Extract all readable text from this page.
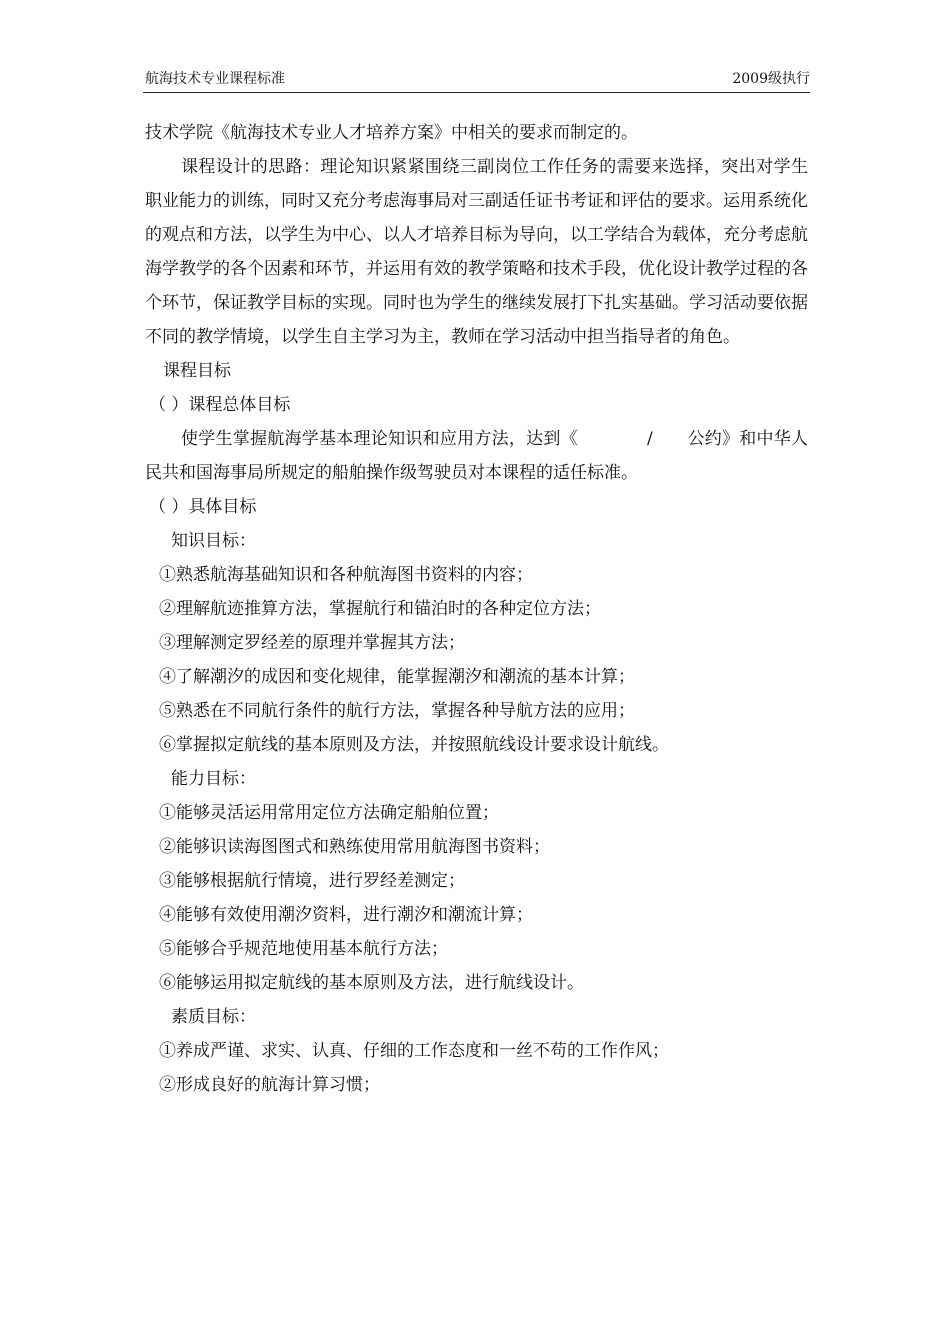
航海技术专业课程标准	2009级执行

技术学院《航海技术专业人才培养方案》中相关的要求而制定的。

课程设计的思路：理论知识紧紧围绕三副岗位工作任务的需要来选择，突出对学生职业能力的训练，同时又充分考虑海事局对三副适任证书考证和评估的要求。运用系统化的观点和方法，以学生为中心、以人才培养目标为导向，以工学结合为载体，充分考虑航海学教学的各个因素和环节，并运用有效的教学策略和技术手段，优化设计教学过程的各个环节，保证教学目标的实现。同时也为学生的继续发展打下扎实基础。学习活动要依据不同的教学情境，以学生自主学习为主，教师在学习活动中担当指导者的角色。

课程目标
（ ）课程总体目标

使学生掌握航海学基本理论知识和应用方法，达到《　　　　/　　公约》和中华人民共和国海事局所规定的船舶操作级驾驶员对本课程的适任标准。

（ ）具体目标
知识目标：
①熟悉航海基础知识和各种航海图书资料的内容；
②理解航迹推算方法，掌握航行和锚泊时的各种定位方法；
③理解测定罗经差的原理并掌握其方法；
④了解潮汐的成因和变化规律，能掌握潮汐和潮流的基本计算；
⑤熟悉在不同航行条件的航行方法，掌握各种导航方法的应用；
⑥掌握拟定航线的基本原则及方法，并按照航线设计要求设计航线。
能力目标：
①能够灵活运用常用定位方法确定船舶位置；
②能够识读海图图式和熟练使用常用航海图书资料；
③能够根据航行情境，进行罗经差测定；
④能够有效使用潮汐资料，进行潮汐和潮流计算；
⑤能够合乎规范地使用基本航行方法；
⑥能够运用拟定航线的基本原则及方法，进行航线设计。
素质目标：
①养成严谨、求实、认真、仔细的工作态度和一丝不苟的工作作风；
②形成良好的航海计算习惯；
